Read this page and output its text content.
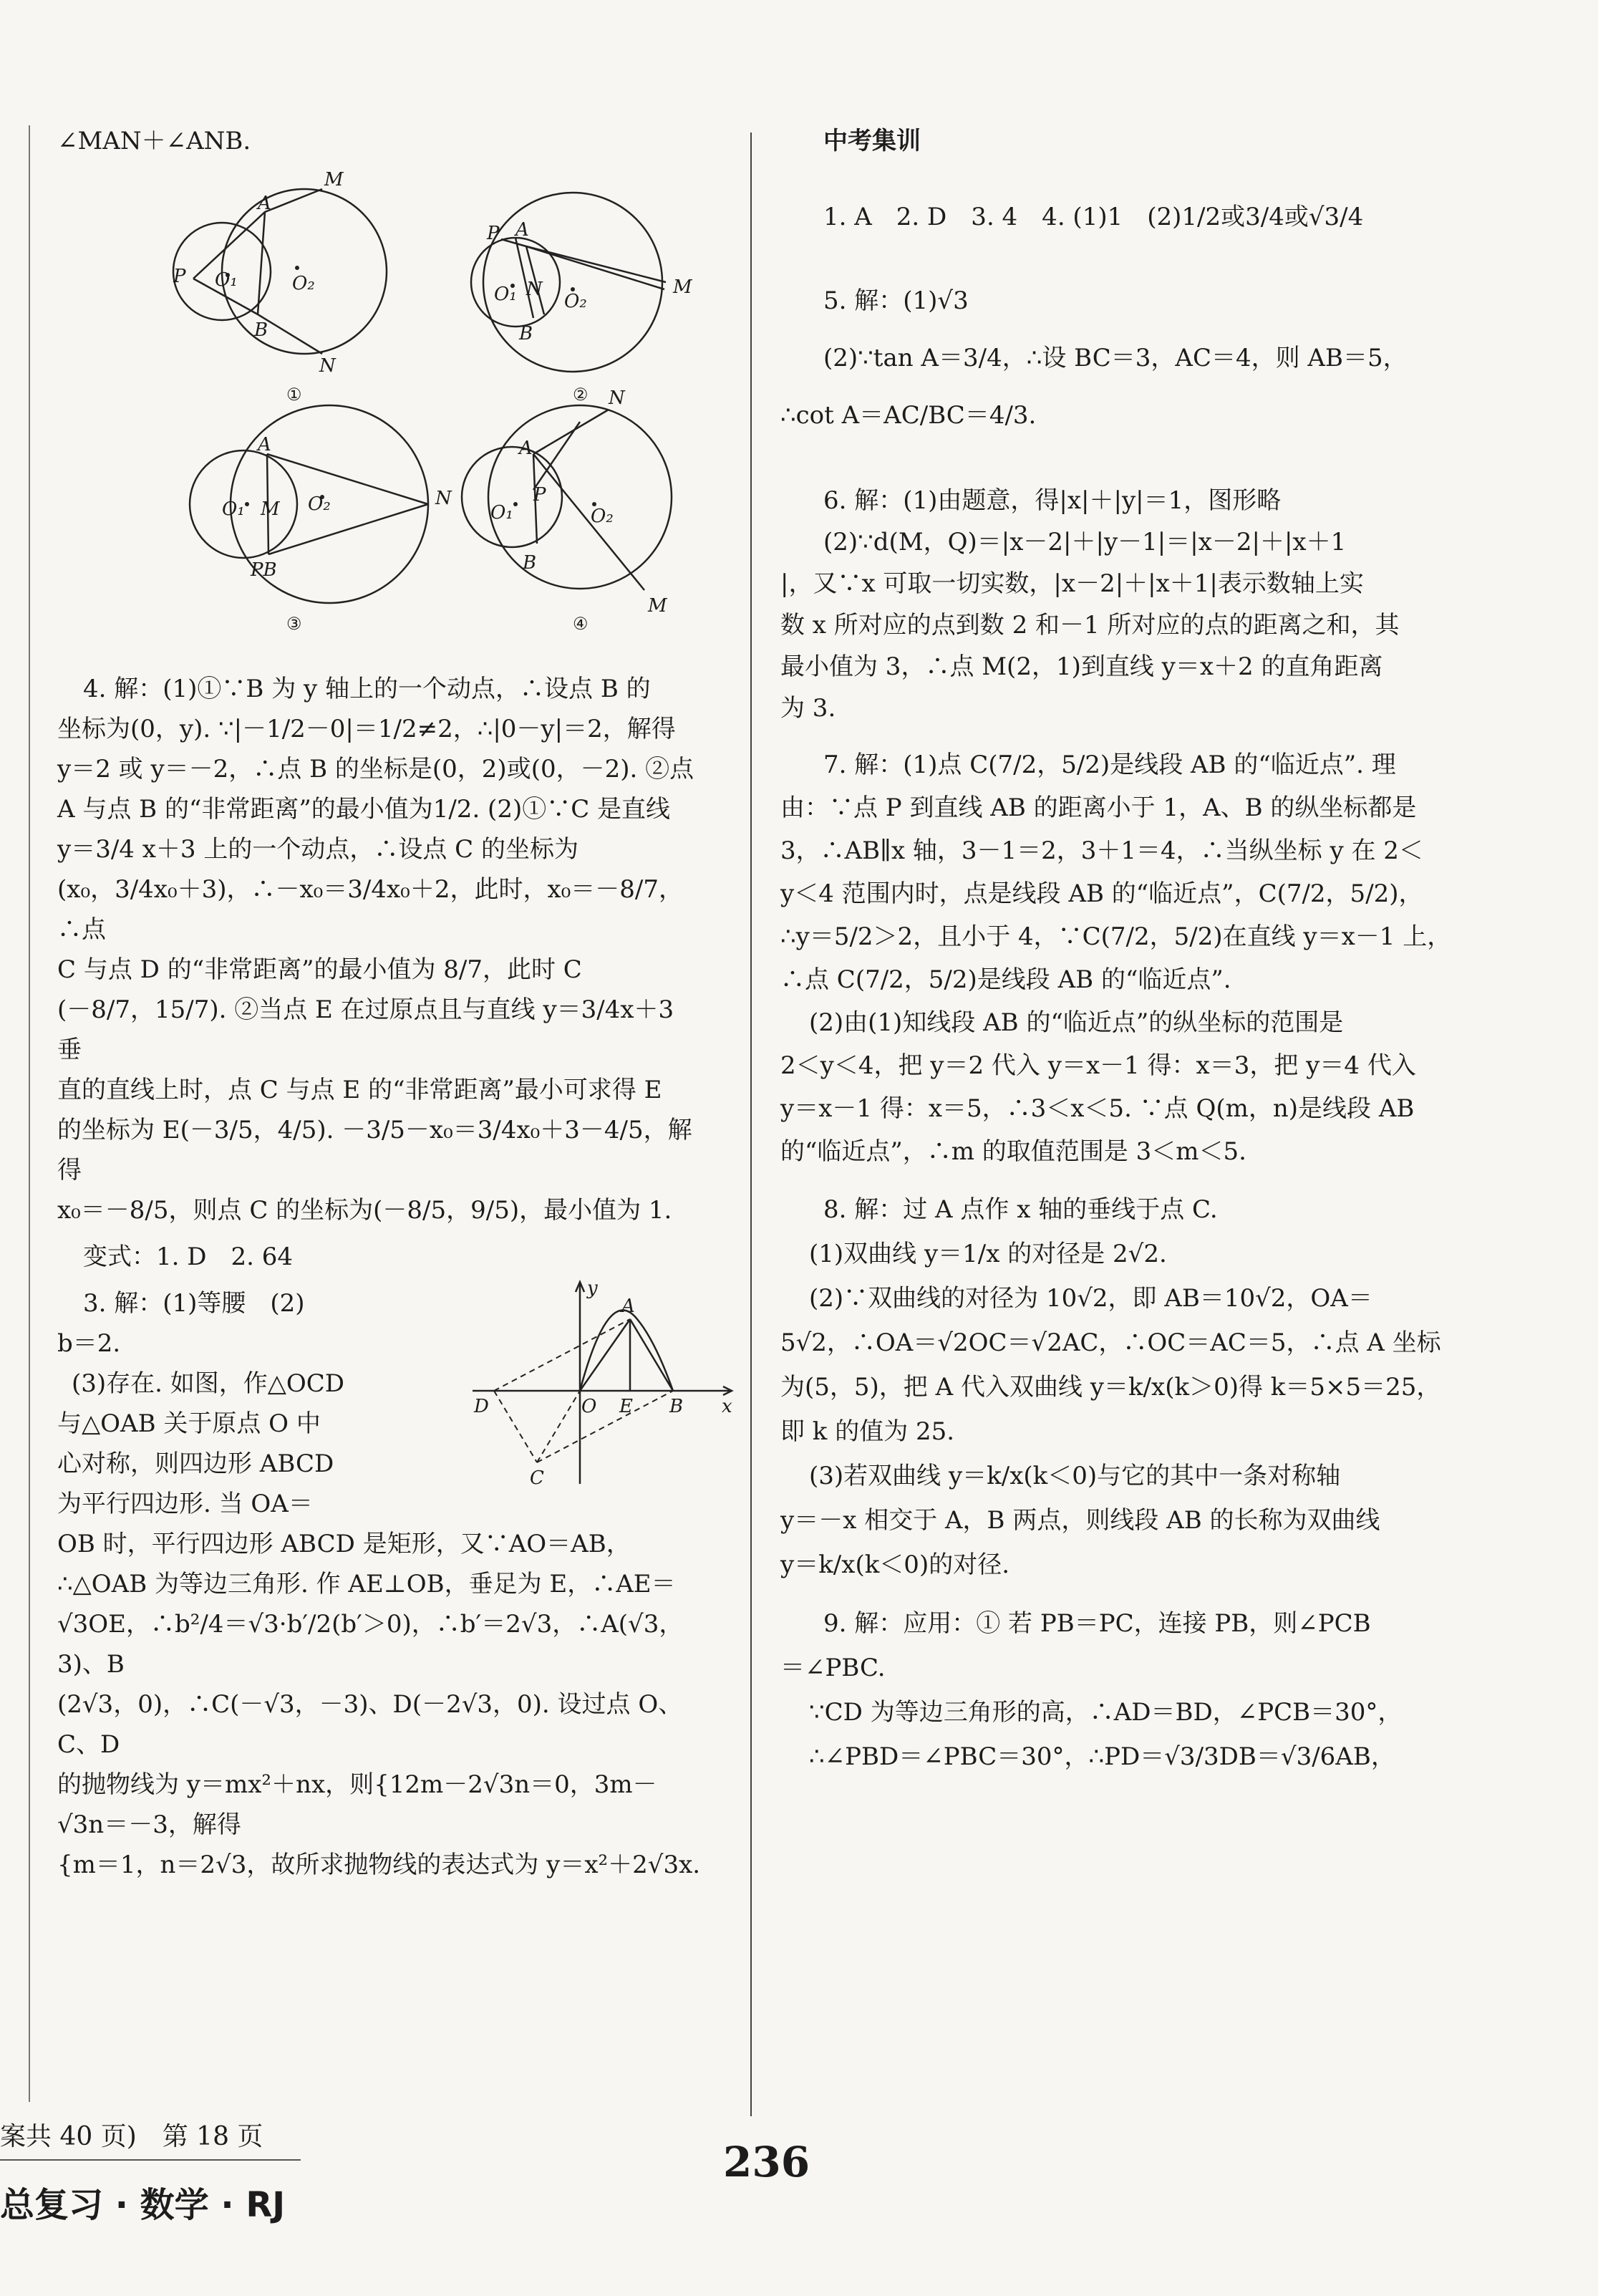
∠MAN＋∠ANB.

M
A
P O₁	O₂
B
N
①
P A
O₁ N
O₂
M
B
②
A
O₁ M O₂	N
PB
③
N
A
O₁
P
O₂
B
M
④

4. 解：(1)①∵B 为 y 轴上的一个动点，∴设点 B 的

坐标为(0，y). ∵|－1/2－0|＝1/2≠2，∴|0－y|＝2，解得

y＝2 或 y＝－2，∴点 B 的坐标是(0，2)或(0，－2). ②点

A 与点 B 的“非常距离”的最小值为1/2. (2)①∵C 是直线

y＝3/4 x＋3 上的一个动点，∴设点 C 的坐标为

(x₀，3/4x₀＋3)，∴－x₀＝3/4x₀＋2，此时，x₀＝－8/7，∴点

C 与点 D 的“非常距离”的最小值为 8/7，此时 C

(－8/7，15/7). ②当点 E 在过原点且与直线 y＝3/4x＋3 垂

直的直线上时，点 C 与点 E 的“非常距离”最小可求得 E

的坐标为 E(－3/5，4/5). －3/5－x₀＝3/4x₀＋3－4/5，解得

x₀＝－8/5，则点 C 的坐标为(－8/5，9/5)，最小值为 1.

变式：1. D　2. 64

y
A
D	O E B x
C

3. 解：(1)等腰　(2)

b＝2.

(3)存在. 如图，作△OCD

与△OAB 关于原点 O 中

心对称，则四边形 ABCD

为平行四边形. 当 OA＝

OB 时，平行四边形 ABCD 是矩形，又∵AO＝AB，

∴△OAB 为等边三角形. 作 AE⊥OB，垂足为 E，∴AE＝

√3OE，∴b²/4＝√3·b′/2(b′＞0)，∴b′＝2√3，∴A(√3，3)、B

(2√3，0)，∴C(－√3，－3)、D(－2√3，0). 设过点 O、C、D

的抛物线为 y＝mx²＋nx，则{12m－2√3n＝0，3m－√3n＝－3，解得

{m＝1，n＝2√3，故所求抛物线的表达式为 y＝x²＋2√3x.

中考集训

1. A　2. D　3. 4　4. (1)1　(2)1/2或3/4或√3/4

5. 解：(1)√3

(2)∵tan A＝3/4，∴设 BC＝3，AC＝4，则 AB＝5，

∴cot A＝AC/BC＝4/3.

6. 解：(1)由题意，得|x|＋|y|＝1，图形略

(2)∵d(M，Q)＝|x－2|＋|y－1|＝|x－2|＋|x＋1

|，又∵x 可取一切实数，|x－2|＋|x＋1|表示数轴上实

数 x 所对应的点到数 2 和－1 所对应的点的距离之和，其

最小值为 3，∴点 M(2，1)到直线 y＝x＋2 的直角距离

为 3.

7. 解：(1)点 C(7/2，5/2)是线段 AB 的“临近点”. 理

由：∵点 P 到直线 AB 的距离小于 1，A、B 的纵坐标都是

3，∴AB∥x 轴，3－1＝2，3＋1＝4，∴当纵坐标 y 在 2＜

y＜4 范围内时，点是线段 AB 的“临近点”，C(7/2，5/2)，

∴y＝5/2＞2，且小于 4，∵C(7/2，5/2)在直线 y＝x－1 上，

∴点 C(7/2，5/2)是线段 AB 的“临近点”.

(2)由(1)知线段 AB 的“临近点”的纵坐标的范围是

2＜y＜4，把 y＝2 代入 y＝x－1 得：x＝3，把 y＝4 代入

y＝x－1 得：x＝5，∴3＜x＜5. ∵点 Q(m，n)是线段 AB

的“临近点”，∴m 的取值范围是 3＜m＜5.

8. 解：过 A 点作 x 轴的垂线于点 C.

(1)双曲线 y＝1/x 的对径是 2√2.

(2)∵双曲线的对径为 10√2，即 AB＝10√2，OA＝

5√2，∴OA＝√2OC＝√2AC，∴OC＝AC＝5，∴点 A 坐标

为(5，5)，把 A 代入双曲线 y＝k/x(k＞0)得 k＝5×5＝25，

即 k 的值为 25.

(3)若双曲线 y＝k/x(k＜0)与它的其中一条对称轴

y＝－x 相交于 A，B 两点，则线段 AB 的长称为双曲线

y＝k/x(k＜0)的对径.

9. 解：应用：① 若 PB＝PC，连接 PB，则∠PCB

＝∠PBC.

∵CD 为等边三角形的高，∴AD＝BD，∠PCB＝30°，

∴∠PBD＝∠PBC＝30°，∴PD＝√3/3DB＝√3/6AB，

案共 40 页)　第 18 页
总复习 · 数学 · RJ
236
